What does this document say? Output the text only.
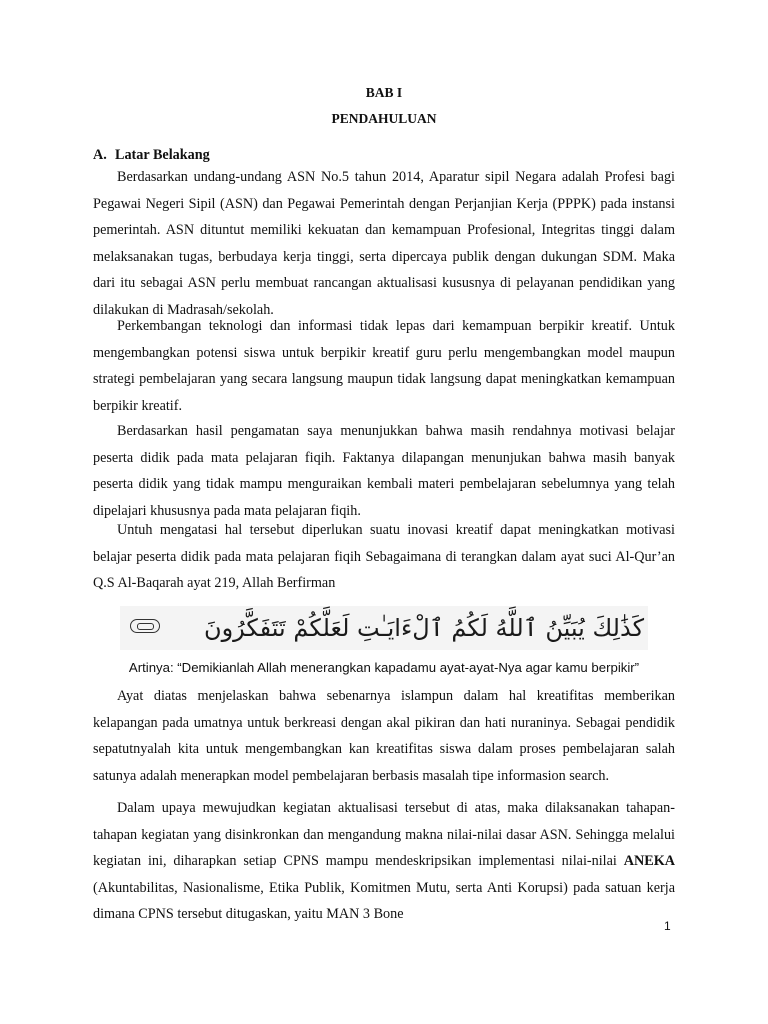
BAB I
PENDAHULUAN
A. Latar Belakang

Berdasarkan undang-undang ASN No.5 tahun 2014, Aparatur sipil Negara adalah Profesi bagi Pegawai Negeri Sipil (ASN) dan Pegawai Pemerintah dengan Perjanjian Kerja (PPPK) pada instansi pemerintah. ASN dituntut memiliki kekuatan dan kemampuan Profesional, Integritas tinggi dalam melaksanakan tugas, berbudaya kerja tinggi, serta dipercaya publik dengan dukungan SDM. Maka dari itu sebagai ASN perlu membuat rancangan aktualisasi kususnya di pelayanan pendidikan yang dilakukan di Madrasah/sekolah.

Perkembangan teknologi dan informasi tidak lepas dari kemampuan berpikir kreatif. Untuk mengembangkan potensi siswa untuk berpikir kreatif guru perlu mengembangkan model maupun strategi pembelajaran yang secara langsung maupun tidak langsung dapat meningkatkan kemampuan berpikir kreatif.

Berdasarkan hasil pengamatan saya menunjukkan bahwa masih rendahnya motivasi belajar peserta didik pada mata pelajaran fiqih. Faktanya dilapangan menunjukan bahwa masih banyak peserta didik yang tidak mampu menguraikan kembali materi pembelajaran sebelumnya yang telah dipelajari khususnya pada mata pelajaran fiqih.

Untuh mengatasi hal tersebut diperlukan suatu inovasi kreatif dapat meningkatkan motivasi belajar peserta didik pada mata pelajaran fiqih Sebagaimana di terangkan dalam ayat suci Al-Qur’an Q.S Al-Baqarah ayat 219, Allah Berfirman

كَذَٰلِكَ يُبَيِّنُ ٱللَّهُ لَكُمُ ٱلْءَايَـٰتِ لَعَلَّكُمْ تَتَفَكَّرُونَ
Artinya: “Demikianlah Allah menerangkan kapadamu ayat-ayat-Nya agar kamu berpikir”

Ayat diatas menjelaskan bahwa sebenarnya islampun dalam hal kreatifitas memberikan kelapangan pada umatnya untuk berkreasi dengan akal pikiran dan hati nuraninya. Sebagai pendidik sepatutnyalah kita untuk mengembangkan kan kreatifitas siswa dalam proses pembelajaran salah satunya adalah menerapkan model pembelajaran berbasis masalah tipe informasion search.

Dalam upaya mewujudkan kegiatan aktualisasi tersebut di atas, maka dilaksanakan tahapan-tahapan kegiatan yang disinkronkan dan mengandung makna nilai-nilai dasar ASN. Sehingga melalui kegiatan ini, diharapkan setiap CPNS mampu mendeskripsikan implementasi nilai-nilai ANEKA (Akuntabilitas, Nasionalisme, Etika Publik, Komitmen Mutu, serta Anti Korupsi) pada satuan kerja dimana CPNS tersebut ditugaskan, yaitu MAN 3 Bone

1
